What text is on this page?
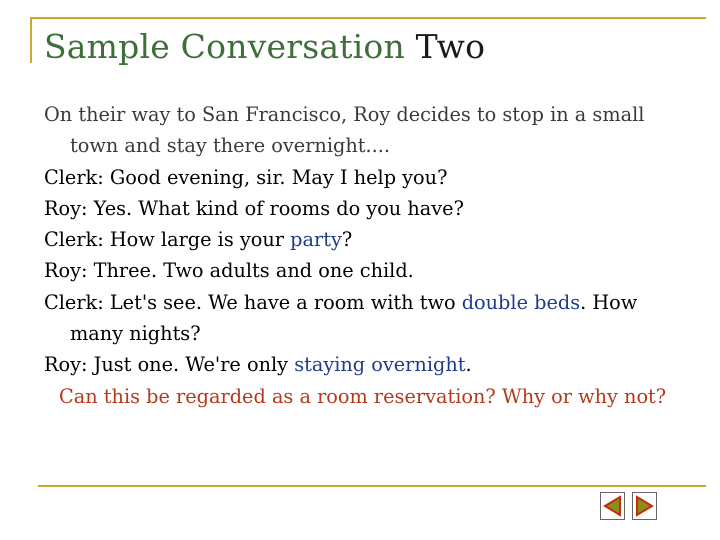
Sample Conversation Two

On their way to San Francisco, Roy decides to stop in a small
town and stay there overnight....

Clerk: Good evening, sir. May I help you?

Roy: Yes. What kind of rooms do you have?

Clerk: How large is your party?

Roy: Three. Two adults and one child.

Clerk: Let's see. We have a room with two double beds. How
many nights?

Roy: Just one. We're only staying overnight.

Can this be regarded as a room reservation? Why or why not?
